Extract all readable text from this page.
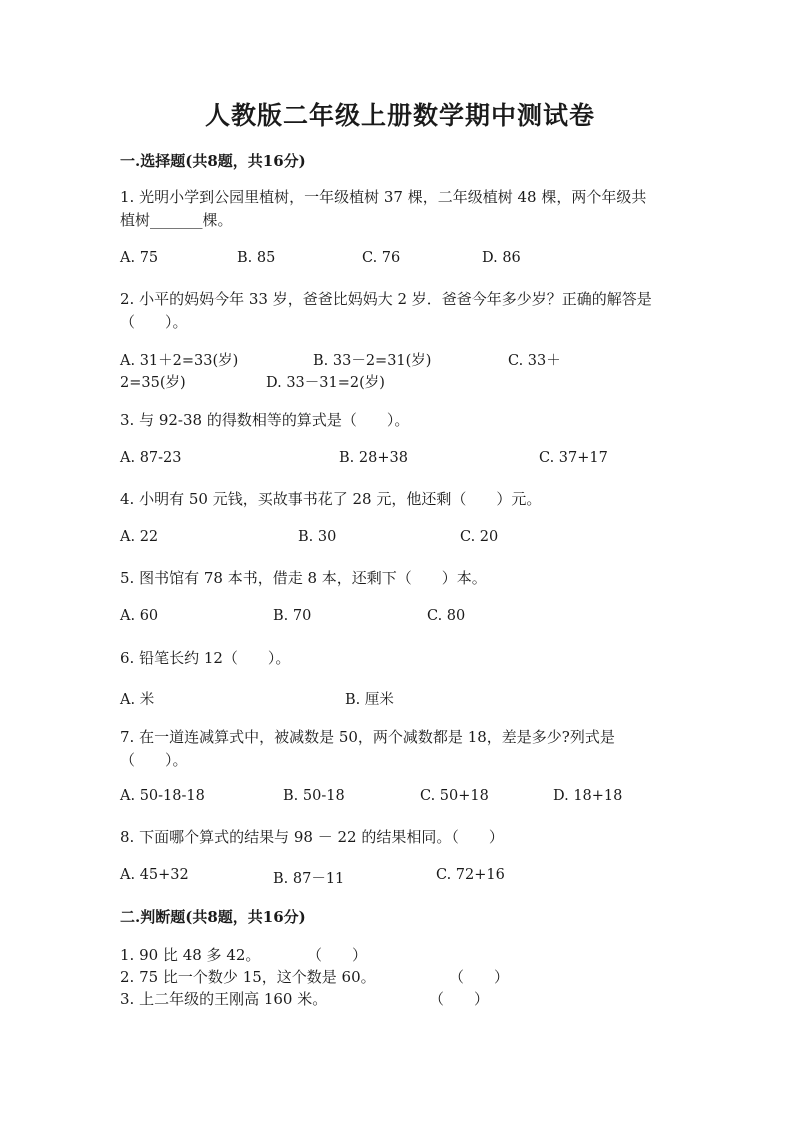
人教版二年级上册数学期中测试卷
一.选择题(共8题，共16分)
1. 光明小学到公园里植树，一年级植树 37 棵，二年级植树 48 棵，两个年级共
植树_______棵。
A. 75	B. 85	C. 76	D. 86
2. 小平的妈妈今年 33 岁，爸爸比妈妈大 2 岁．爸爸今年多少岁？正确的解答是
（　　）。
A. 31＋2=33(岁)	B. 33－2=31(岁)	C. 33＋
2=35(岁)	D. 33－31=2(岁)
3. 与 92-38 的得数相等的算式是（　　）。
A. 87-23	B. 28+38	C. 37+17
4. 小明有 50 元钱，买故事书花了 28 元，他还剩（　　）元。
A. 22	B. 30	C. 20
5. 图书馆有 78 本书，借走 8 本，还剩下（　　）本。
A. 60	B. 70	C. 80
6. 铅笔长约 12（　　）。
A. 米	B. 厘米
7. 在一道连减算式中，被减数是 50，两个减数都是 18，差是多少?列式是
（　　）。
A. 50-18-18	B. 50-18	C. 50+18	D. 18+18
8. 下面哪个算式的结果与 98 － 22 的结果相同。（　　）
A. 45+32	B. 87－11	C. 72+16
二.判断题(共8题，共16分)
1. 90 比 48 多 42。	（　　）
2. 75 比一个数少 15，这个数是 60。	（　　）
3. 上二年级的王刚高 160 米。	（　　）
